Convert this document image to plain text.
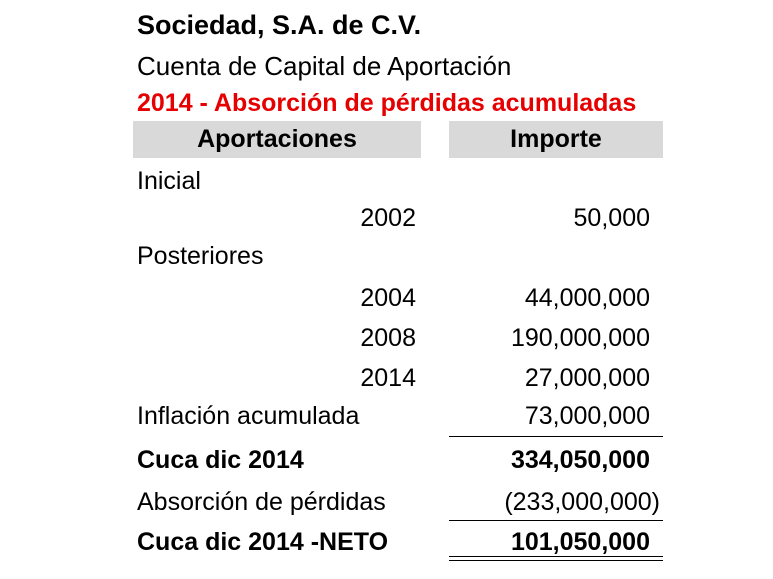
Sociedad, S.A. de C.V.
Cuenta de Capital de Aportación
2014 - Absorción de pérdidas acumuladas
Aportaciones	Importe
Inicial
2002	50,000
Posteriores
2004	44,000,000
2008	190,000,000
2014	27,000,000
Inflación acumulada	73,000,000
Cuca dic 2014	334,050,000
Absorción de pérdidas	(233,000,000)
Cuca dic 2014 -NETO	101,050,000
